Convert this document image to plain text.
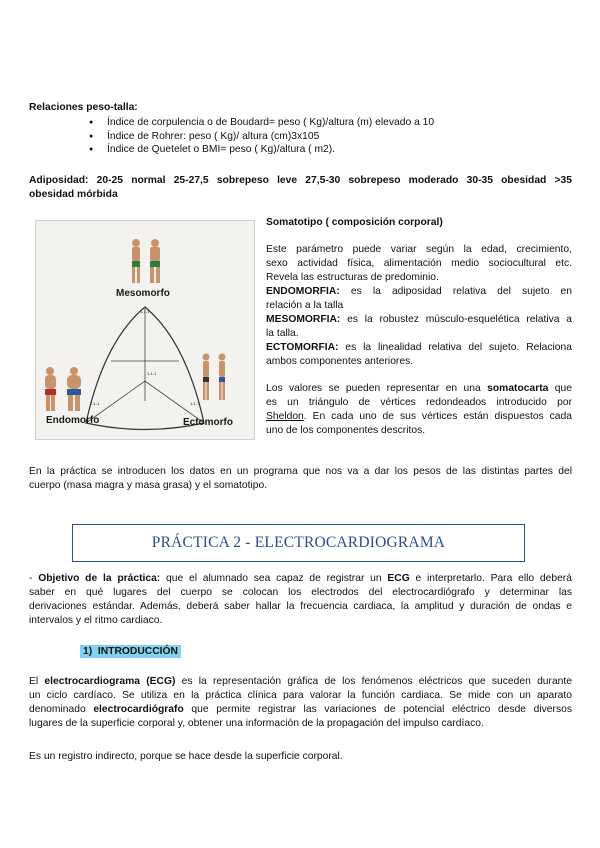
Relaciones peso-talla:

● Índice de corpulencia o de Boudard= peso ( Kg)/altura (m) elevado a 10
● Índice de Rohrer: peso ( Kg)/ altura (cm)3x105
● Índice de Quetelet o BMI= peso ( Kg)/altura ( m2).

Adiposidad: 20-25 normal 25-27,5 sobrepeso leve 27,5-30 sobrepeso moderado 30-35 obesidad >35

obesidad mórbida

Mesomorfo
Endomorfo	Ectomorfo
1-7-1
7-1-1	1-1-7
1-1-1

Somatotipo ( composición corporal)

Este parámetro puede variar según la edad, crecimiento,

sexo actividad física, alimentación medio sociocultural etc.

Revela las estructuras de predominio.

ENDOMORFIA: es la adiposidad relativa del sujeto en

relación a la talla

MESOMORFIA: es la robustez músculo-esquelética relativa a

la talla.

ECTOMORFIA: es la linealidad relativa del sujeto. Relaciona

ambos componentes anteriores.

Los valores se pueden representar en una somatocarta que

es un triángulo de vértices redondeados introducido por

Sheldon. En cada uno de sus vértices están dispuestos cada

uno de los componentes descritos.

En la práctica se introducen los datos en un programa que nos va a dar los pesos de las distintas partes del

cuerpo (masa magra y masa grasa) y el somatotipo.

PRÁCTICA 2 - ELECTROCARDIOGRAMA

- Objetivo de la práctica: que el alumnado sea capaz de registrar un ECG e interpretarlo. Para ello deberá

saber en qué lugares del cuerpo se colocan los electrodos del electrocardiógrafo y determinar las

derivaciones estándar. Además, deberá saber hallar la frecuencia cardiaca, la amplitud y duración de ondas e

intervalos y el ritmo cardiaco.

1)  INTRODUCCIÓN

El electrocardiograma (ECG) es la representación gráfica de los fenómenos eléctricos que suceden durante

un ciclo cardíaco. Se utiliza en la práctica clínica para valorar la función cardiaca. Se mide con un aparato

denominado electrocardiógrafo que permite registrar las variaciones de potencial eléctrico desde diversos

lugares de la superficie corporal y, obtener una información de la propagación del impulso cardíaco.

Es un registro indirecto, porque se hace desde la superficie corporal.
